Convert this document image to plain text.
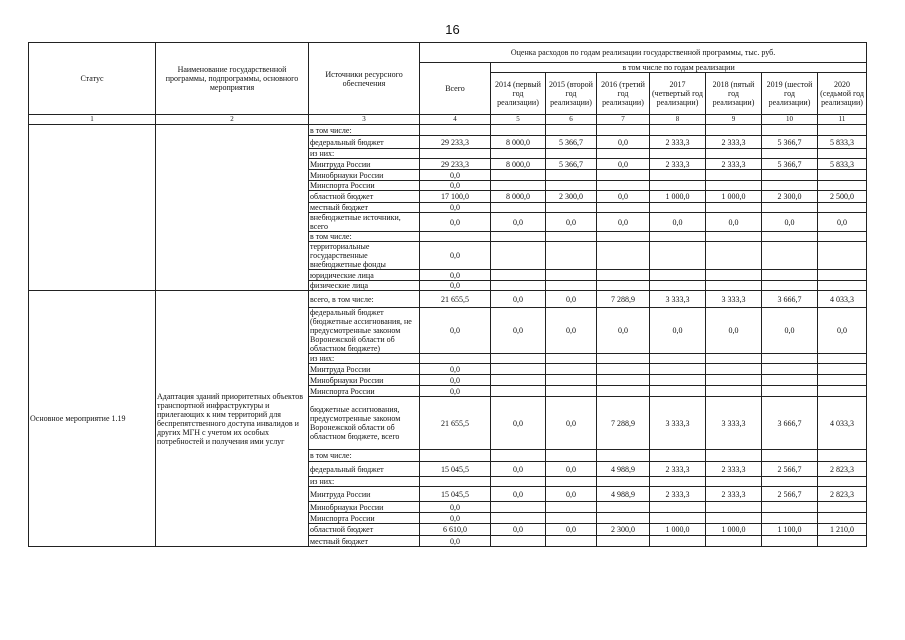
16
Статус	Наименование государственной программы, подпрограммы, основного мероприятия	Источники ресурсного обеспечения	Оценка расходов по годам реализации государственной программы, тыс. руб.							
			Всего	в том числе по годам реализации						
				2014 (первый год реализации)	2015 (второй год реализации)	2016 (третий год реализации)	2017 (четвертый год реализации)	2018 (пятый год реализации)	2019 (шестой год реализации)	2020 (седьмой год реализации)
1	2	3	4	5	6	7	8	9	10	11
		в том числе:								
		федеральный бюджет	29 233,3	8 000,0	5 366,7	0,0	2 333,3	2 333,3	5 366,7	5 833,3
		из них:								
		Минтруда России	29 233,3	8 000,0	5 366,7	0,0	2 333,3	2 333,3	5 366,7	5 833,3
		Минобрнауки России	0,0							
		Минспорта России	0,0							
		областной бюджет	17 100,0	8 000,0	2 300,0	0,0	1 000,0	1 000,0	2 300,0	2 500,0
		местный бюджет	0,0							
		внебюджетные источники, всего	0,0	0,0	0,0	0,0	0,0	0,0	0,0	0,0
		в том числе:								
		территориальные государственные внебюджетные фонды	0,0							
		юридические лица	0,0							
		физические лица	0,0							
Основное мероприятие 1.19	Адаптация зданий приоритетных объектов транспортной инфраструктуры и прилегающих к ним территорий для беспрепятственного доступа инвалидов и других МГН с учетом их особых потребностей и получения ими услуг	всего, в том числе:	21 655,5	0,0	0,0	7 288,9	3 333,3	3 333,3	3 666,7	4 033,3
		федеральный бюджет (бюджетные ассигнования, не предусмотренные законом Воронежской области об областном бюджете)	0,0	0,0	0,0	0,0	0,0	0,0	0,0	0,0
		из них:								
		Минтруда России	0,0							
		Минобрнауки России	0,0							
		Минспорта России	0,0							
		бюджетные ассигнования, предусмотренные законом Воронежской области об областном бюджете, всего	21 655,5	0,0	0,0	7 288,9	3 333,3	3 333,3	3 666,7	4 033,3
		в том числе:								
		федеральный бюджет	15 045,5	0,0	0,0	4 988,9	2 333,3	2 333,3	2 566,7	2 823,3
		из них:								
		Минтруда России	15 045,5	0,0	0,0	4 988,9	2 333,3	2 333,3	2 566,7	2 823,3
		Минобрнауки России	0,0							
		Минспорта России	0,0							
		областной бюджет	6 610,0	0,0	0,0	2 300,0	1 000,0	1 000,0	1 100,0	1 210,0
		местный бюджет	0,0							
